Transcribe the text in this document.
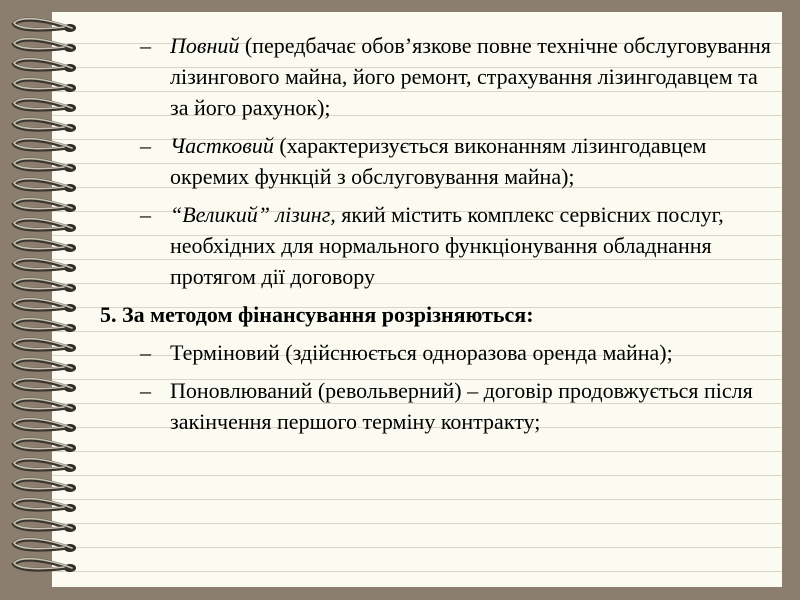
– Повний (передбачає обов’язкове повне технічне обслуговування лізингового майна, його ремонт, страхування лізингодавцем та за його рахунок);
– Частковий (характеризується виконанням лізингодавцем окремих функцій з обслуговування майна);
– “Великий” лізинг, який містить комплекс сервісних послуг, необхідних для нормального функціонування обладнання протягом дії договору
5. За методом фінансування розрізняються:
– Терміновий (здійснюється одноразова оренда майна);
– Поновлюваний (револьверний) – договір продовжується після закінчення першого терміну контракту;
